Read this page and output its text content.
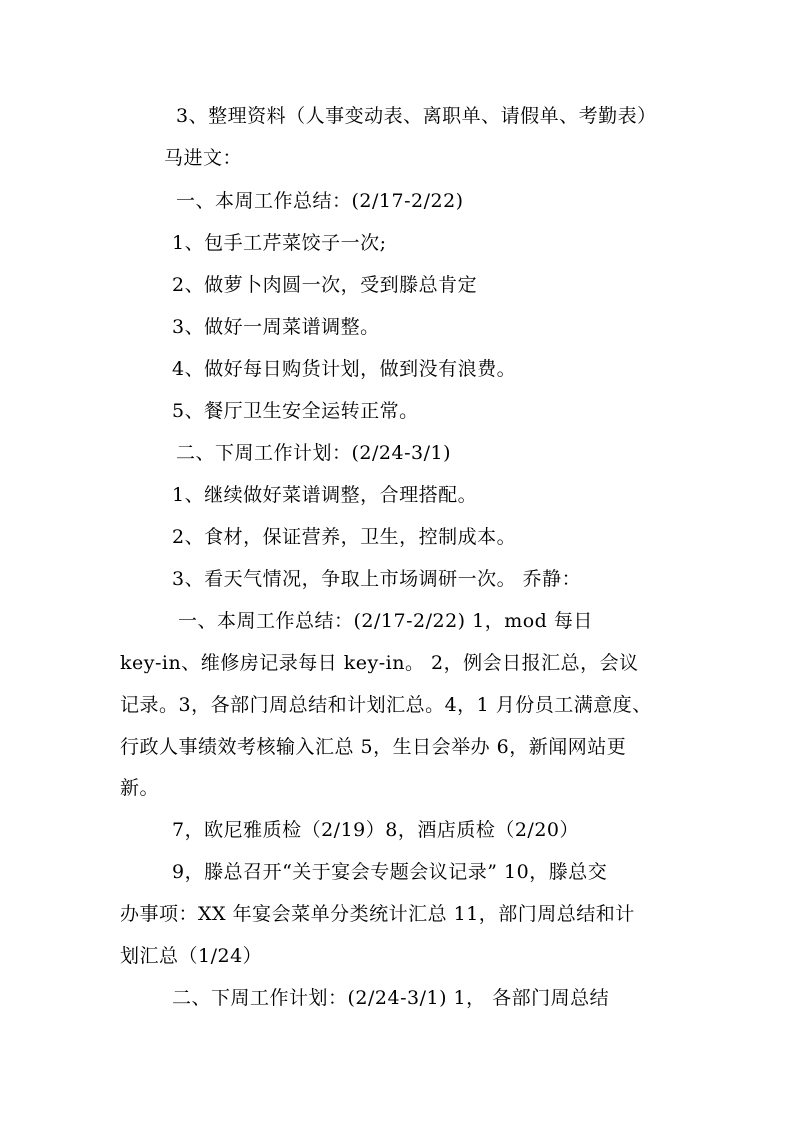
3、整理资料（人事变动表、离职单、请假单、考勤表）
马进文：
一、本周工作总结：(2/17-2/22)
1、包手工芹菜饺子一次;
2、做萝卜肉圆一次，受到滕总肯定
3、做好一周菜谱调整。
4、做好每日购货计划，做到没有浪费。
5、餐厅卫生安全运转正常。
二、下周工作计划：(2/24-3/1)
1、继续做好菜谱调整，合理搭配。
2、食材，保证营养，卫生，控制成本。
3、看天气情况，争取上市场调研一次。 乔静：
一、本周工作总结：(2/17-2/22) 1，mod 每日
key-in、维修房记录每日 key-in。 2，例会日报汇总，会议
记录。3，各部门周总结和计划汇总。4，1 月份员工满意度、
行政人事绩效考核输入汇总 5，生日会举办 6，新闻网站更
新。
7，欧尼雅质检（2/19）8，酒店质检（2/20）
9，滕总召开“关于宴会专题会议记录” 10，滕总交
办事项：XX 年宴会菜单分类统计汇总 11，部门周总结和计
划汇总（1/24）
二、下周工作计划：(2/24-3/1) 1， 各部门周总结
